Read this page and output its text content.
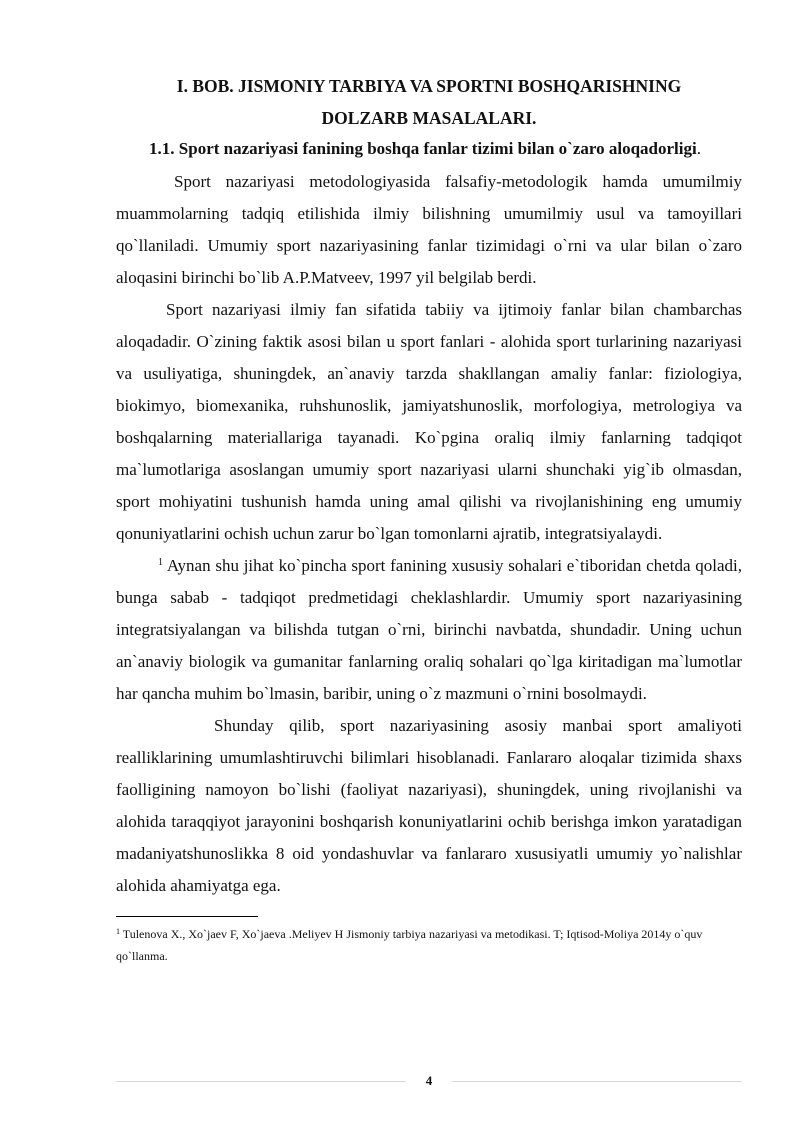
I. BOB. JISMONIY TARBIYA VA SPORTNI BOSHQARISHNING

DOLZARB MASALALARI.

1.1. Sport nazariyasi fanining boshqa fanlar tizimi bilan o`zaro aloqadorligi.

Sport nazariyasi metodologiyasida falsafiy-metodologik hamda umumilmiy muammolarning tadqiq etilishida ilmiy bilishning umumilmiy usul va tamoyillari qo`llaniladi. Umumiy sport nazariyasining fanlar tizimidagi o`rni va ular bilan o`zaro aloqasini birinchi bo`lib A.P.Matveev, 1997 yil belgilab berdi.

Sport nazariyasi ilmiy fan sifatida tabiiy va ijtimoiy fanlar bilan chambarchas aloqadadir. O`zining faktik asosi bilan u sport fanlari - alohida sport turlarining nazariyasi va usuliyatiga, shuningdek, an`anaviy tarzda shakllangan amaliy fanlar: fiziologiya, biokimyo, biomexanika, ruhshunoslik, jamiyatshunoslik, morfologiya, metrologiya va boshqalarning materiallariga tayanadi. Ko`pgina oraliq ilmiy fanlarning tadqiqot ma`lumotlariga asoslangan umumiy sport nazariyasi ularni shunchaki yig`ib olmasdan, sport mohiyatini tushunish hamda uning amal qilishi va rivojlanishining eng umumiy qonuniyatlarini ochish uchun zarur bo`lgan tomonlarni ajratib, integratsiyalaydi.

$^1$ Aynan shu jihat ko`pincha sport fanining xususiy sohalari e`tiboridan chetda qoladi, bunga sabab - tadqiqot predmetidagi cheklashlardir. Umumiy sport nazariyasining integratsiyalangan va bilishda tutgan o`rni, birinchi navbatda, shundadir. Uning uchun an`anaviy biologik va gumanitar fanlarning oraliq sohalari qo`lga kiritadigan ma`lumotlar har qancha muhim bo`lmasin, baribir, uning o`z mazmuni o`rnini bosolmaydi.

Shunday qilib, sport nazariyasining asosiy manbai sport amaliyoti realliklarining umumlashtiruvchi bilimlari hisoblanadi. Fanlararo aloqalar tizimida shaxs faolligining namoyon bo`lishi (faoliyat nazariyasi), shuningdek, uning rivojlanishi va alohida taraqqiyot jarayonini boshqarish konuniyatlarini ochib berishga imkon yaratadigan madaniyatshunoslikka 8 oid yondashuvlar va fanlararo xususiyatli umumiy yo`nalishlar alohida ahamiyatga ega.

$^1$ Tulenova X., Xo`jaev F, Xo`jaeva .Meliyev H Jismoniy tarbiya nazariyasi va metodikasi. T; Iqtisod-Moliya 2014y o`quv qo`llanma.

4
